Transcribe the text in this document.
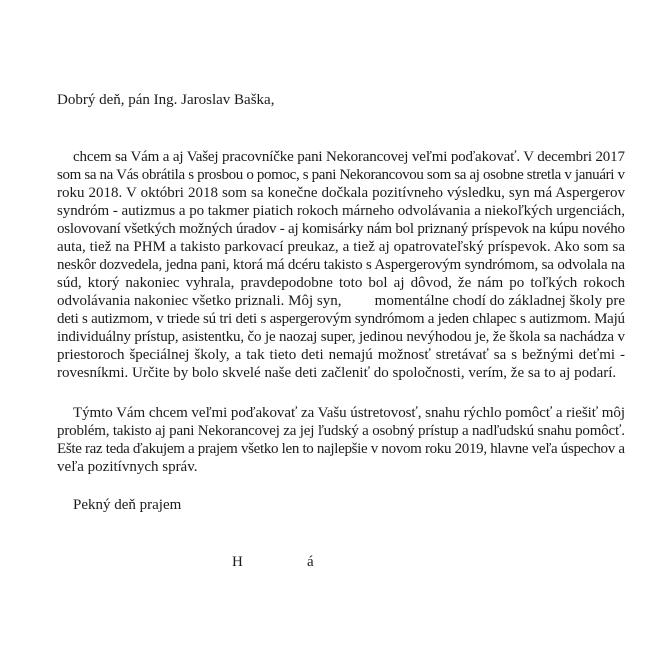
Dobrý deň, pán Ing. Jaroslav Baška,
chcem sa Vám a aj Vašej pracovníčke pani Nekorancovej veľmi poďakovať. V decembri 2017
som sa na Vás obrátila s prosbou o pomoc, s pani Nekorancovou som sa aj osobne stretla v januári v
roku 2018. V októbri 2018 som sa konečne dočkala pozitívneho výsledku, syn má Aspergerov
syndróm - autizmus a po takmer piatich rokoch márneho odvolávania a niekoľkých urgenciách,
oslovovaní všetkých možných úradov - aj komisárky nám bol priznaný príspevok na kúpu nového
auta, tiež na PHM a takisto parkovací preukaz, a tiež aj opatrovateľský príspevok. Ako som sa
neskôr dozvedela, jedna pani, ktorá má dcéru takisto s Aspergerovým syndrómom, sa odvolala na
súd, ktorý nakoniec vyhrala, pravdepodobne toto bol aj dôvod, že nám po toľkých rokoch
odvolávania nakoniec všetko priznali. Môj syn, momentálne chodí do základnej školy pre
deti s autizmom, v triede sú tri deti s aspergerovým syndrómom a jeden chlapec s autizmom. Majú
individuálny prístup, asistentku, čo je naozaj super, jedinou nevýhodou je, že škola sa nachádza v
priestoroch špeciálnej školy, a tak tieto deti nemajú možnosť stretávať sa s bežnými deťmi -
rovesníkmi. Určite by bolo skvelé naše deti začleniť do spoločnosti, verím, že sa to aj podarí.
Týmto Vám chcem veľmi poďakovať za Vašu ústretovosť, snahu rýchlo pomôcť a riešiť môj
problém, takisto aj pani Nekorancovej za jej ľudský a osobný prístup a nadľudskú snahu pomôcť.
Ešte raz teda ďakujem a prajem všetko len to najlepšie v novom roku 2019, hlavne veľa úspechov a
veľa pozitívnych správ.
Pekný deň prajem
H	á
